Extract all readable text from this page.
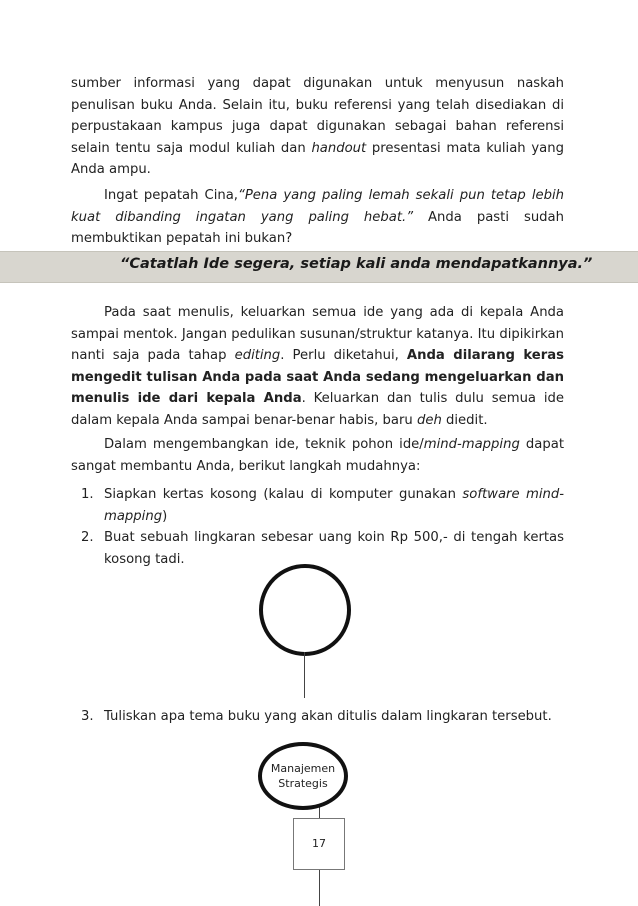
sumber informasi yang dapat digunakan untuk menyusun naskah penulisan buku Anda. Selain itu, buku referensi yang telah disediakan di perpustakaan kampus juga dapat digunakan sebagai bahan referensi selain tentu saja modul kuliah dan handout presentasi mata kuliah yang Anda ampu.

Ingat pepatah Cina,“Pena yang paling lemah sekali pun tetap lebih kuat dibanding ingatan yang paling hebat.” Anda pasti sudah membuktikan pepatah ini bukan?

“Catatlah Ide segera, setiap kali anda mendapatkannya.”

Pada saat menulis, keluarkan semua ide yang ada di kepala Anda sampai mentok. Jangan pedulikan susunan/struktur katanya. Itu dipikirkan nanti saja pada tahap editing. Perlu diketahui, Anda dilarang keras mengedit tulisan Anda pada saat Anda sedang mengeluarkan dan menulis ide dari kepala Anda. Keluarkan dan tulis dulu semua ide dalam kepala Anda sampai benar-benar habis, baru deh diedit.

Dalam mengembangkan ide, teknik pohon ide/mind-mapping dapat sangat membantu Anda, berikut langkah mudahnya:

1. Siapkan kertas kosong (kalau di komputer gunakan software mind-mapping)
2. Buat sebuah lingkaran sebesar uang koin Rp 500,- di tengah kertas kosong tadi.
3. Tuliskan apa tema buku yang akan ditulis dalam lingkaran tersebut.
Manajemen
Strategis
17
